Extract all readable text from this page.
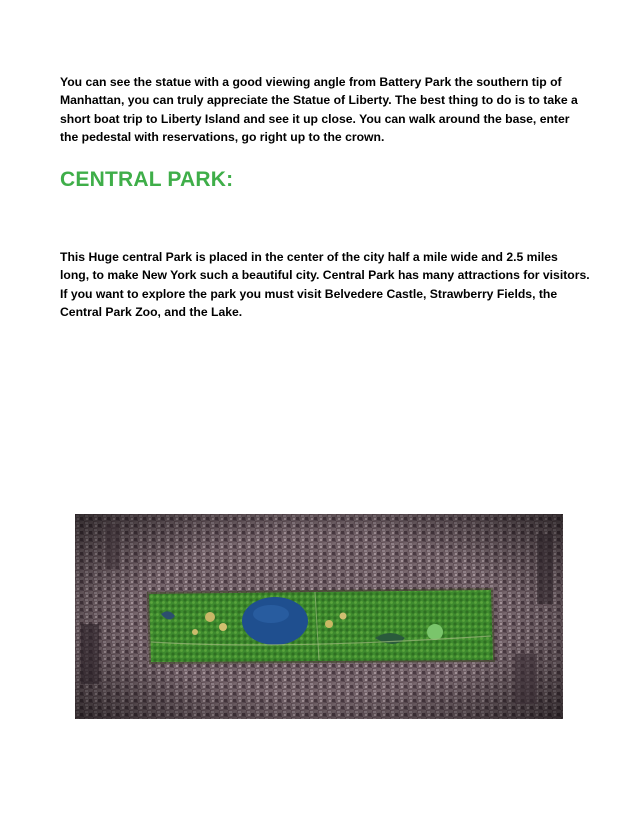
You can see the statue with a good viewing angle from Battery Park the southern tip of Manhattan, you can truly appreciate the Statue of Liberty. The best thing to do is to take a short boat trip to Liberty Island and see it up close. You can walk around the base, enter the pedestal with reservations, go right up to the crown.

CENTRAL PARK:

This Huge central Park is placed in the center of the city half a mile wide and 2.5 miles long, to make New York such a beautiful city. Central Park has many attractions for visitors. If you want to explore the park you must visit Belvedere Castle, Strawberry Fields, the Central Park Zoo, and the Lake.
